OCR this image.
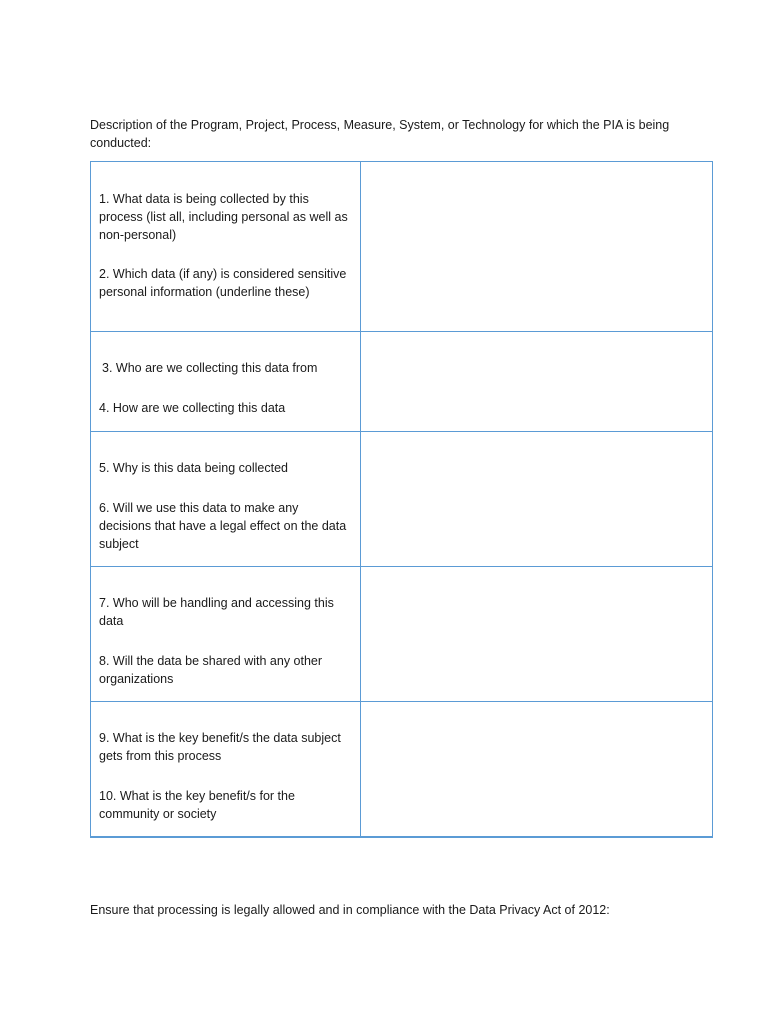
Description of the Program, Project, Process, Measure, System, or Technology for which the PIA is being conducted:

1. What data is being collected by this process (list all, including personal as well as non-personal)

2. Which data (if any) is considered sensitive personal information (underline these)	

3. Who are we collecting this data from

4. How are we collecting this data	

5. Why is this data being collected

6. Will we use this data to make any decisions that have a legal effect on the data subject	

7. Who will be handling and accessing this data

8. Will the data be shared with any other organizations	

9. What is the key benefit/s the data subject gets from this process

10. What is the key benefit/s for the community or society	

Ensure that processing is legally allowed and in compliance with the Data Privacy Act of 2012:
